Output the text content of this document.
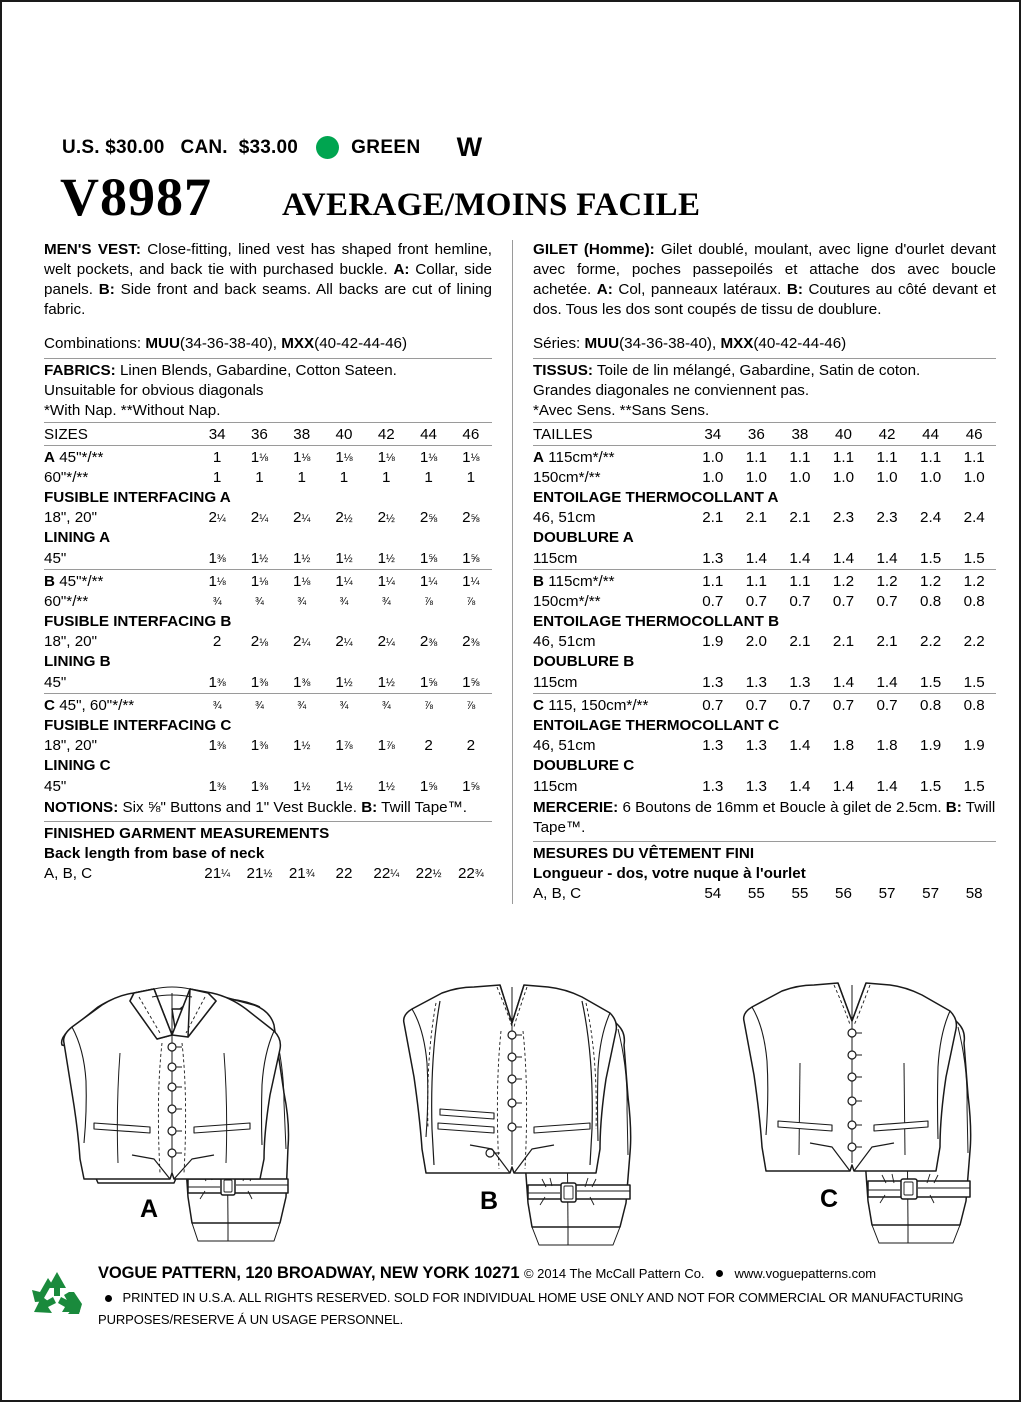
U.S. $30.00 CAN.  $33.00	GREEN W
V8987 AVERAGE/MOINS FACILE

MEN'S VEST: Close-fitting, lined vest has shaped front hemline, welt pockets, and back tie with purchased buckle. A: Collar, side panels. B: Side front and back seams. All backs are cut of lining fabric.

Combinations: MUU(34-36-38-40), MXX(40-42-44-46)
FABRICS: Linen Blends, Gabardine, Cotton Sateen.
Unsuitable for obvious diagonals
*With Nap. **Without Nap.
SIZES	34	36	38	40	42	44	46
A 45"*/**	1	1⅛	1⅛	1⅛	1⅛	1⅛	1⅛
60"*/**	1	1	1	1	1	1	1
FUSIBLE INTERFACING A							
18", 20"	2¼	2¼	2¼	2½	2½	2⅝	2⅝
LINING A							
45"	1⅜	1½	1½	1½	1½	1⅝	1⅝
B 45"*/**	1⅛	1⅛	1⅛	1¼	1¼	1¼	1¼
60"*/**	¾	¾	¾	¾	¾	⅞	⅞
FUSIBLE INTERFACING B							
18", 20"	2	2⅛	2¼	2¼	2¼	2⅜	2⅜
LINING B							
45"	1⅜	1⅜	1⅜	1½	1½	1⅝	1⅝
C 45", 60"*/**	¾	¾	¾	¾	¾	⅞	⅞
FUSIBLE INTERFACING C							
18", 20"	1⅜	1⅜	1½	1⅞	1⅞	2	2
LINING C							
45"	1⅜	1⅜	1½	1½	1½	1⅝	1⅝
NOTIONS: Six ⅝" Buttons and 1" Vest Buckle. B: Twill Tape™.
FINISHED GARMENT MEASUREMENTS
Back length from base of neck
A, B, C	21¼	21½	21¾	22	22¼	22½	22¾

GILET (Homme): Gilet doublé, moulant, avec ligne d'ourlet devant avec forme, poches passepoilés et attache dos avec boucle achetée. A: Col, panneaux latéraux. B: Coutures au côté devant et dos. Tous les dos sont coupés de tissu de doublure.

Séries: MUU(34-36-38-40), MXX(40-42-44-46)
TISSUS: Toile de lin mélangé, Gabardine, Satin de coton.
Grandes diagonales ne conviennent pas.
*Avec Sens. **Sans Sens.
TAILLES	34	36	38	40	42	44	46
A 115cm*/**	1.0	1.1	1.1	1.1	1.1	1.1	1.1
150cm*/**	1.0	1.0	1.0	1.0	1.0	1.0	1.0
ENTOILAGE THERMOCOLLANT A							
46, 51cm	2.1	2.1	2.1	2.3	2.3	2.4	2.4
DOUBLURE A							
115cm	1.3	1.4	1.4	1.4	1.4	1.5	1.5
B 115cm*/**	1.1	1.1	1.1	1.2	1.2	1.2	1.2
150cm*/**	0.7	0.7	0.7	0.7	0.7	0.8	0.8
ENTOILAGE THERMOCOLLANT B							
46, 51cm	1.9	2.0	2.1	2.1	2.1	2.2	2.2
DOUBLURE B							
115cm	1.3	1.3	1.3	1.4	1.4	1.5	1.5
C 115, 150cm*/**	0.7	0.7	0.7	0.7	0.7	0.8	0.8
ENTOILAGE THERMOCOLLANT C							
46, 51cm	1.3	1.3	1.4	1.8	1.8	1.9	1.9
DOUBLURE C							
115cm	1.3	1.3	1.4	1.4	1.4	1.5	1.5
MERCERIE: 6 Boutons de 16mm et Boucle à gilet de 2.5cm. B: Twill Tape™.
MESURES DU VÊTEMENT FINI
Longueur - dos, votre nuque à l'ourlet
A, B, C	54	55	55	56	57	57	58
A	B	C
VOGUE PATTERN, 120 BROADWAY, NEW YORK 10271 © 2014 The McCall Pattern Co. www.voguepatterns.com
PRINTED IN U.S.A. ALL RIGHTS RESERVED. SOLD FOR INDIVIDUAL HOME USE ONLY AND NOT FOR COMMERCIAL OR MANUFACTURING
PURPOSES/RESERVE Á UN USAGE PERSONNEL.
